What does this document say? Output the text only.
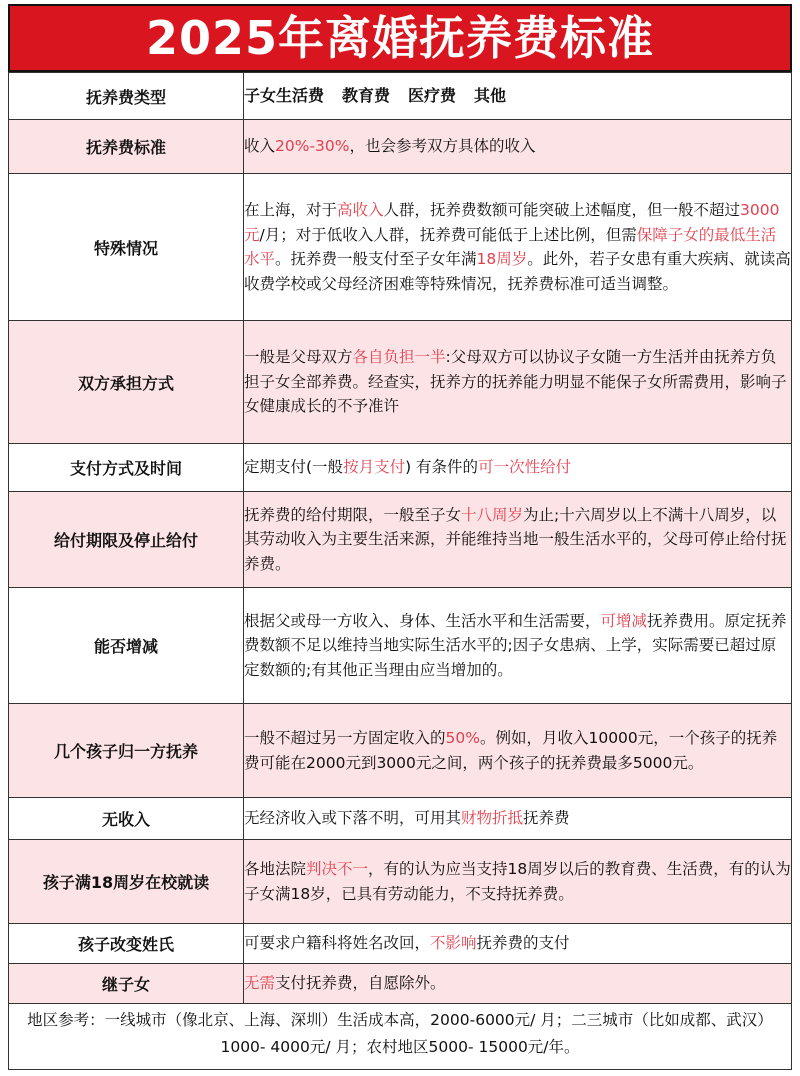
2025年离婚抚养费标准
抚养费类型	子女生活费 教育费 医疗费 其他
抚养费标准	收入20%-30%，也会参考双方具体的收入
特殊情况	在上海，对于高收入人群，抚养费数额可能突破上述幅度，但一般不超过3000元/月；对于低收入人群，抚养费可能低于上述比例，但需保障子女的最低生活水平。抚养费一般支付至子女年满18周岁。此外，若子女患有重大疾病、就读高收费学校或父母经济困难等特殊情况，抚养费标准可适当调整。
双方承担方式	一般是父母双方各自负担一半:父母双方可以协议子女随一方生活并由抚养方负担子女全部养费。经查实，抚养方的抚养能力明显不能保子女所需费用，影响子女健康成长的不予准许
支付方式及时间	定期支付(一般按月支付) 有条件的可一次性给付
给付期限及停止给付	抚养费的给付期限，一般至子女十八周岁为止;十六周岁以上不满十八周岁，以其劳动收入为主要生活来源，并能维持当地一般生活水平的，父母可停止给付抚养费。
能否增减	根据父或母一方收入、身体、生活水平和生活需要，可增减抚养费用。原定抚养费数额不足以维持当地实际生活水平的;因子女患病、上学，实际需要已超过原定数额的;有其他正当理由应当增加的。
几个孩子归一方抚养	一般不超过另一方固定收入的50%。例如，月收入10000元，一个孩子的抚养费可能在2000元到3000元之间，两个孩子的抚养费最多5000元。
无收入	无经济收入或下落不明，可用其财物折抵抚养费
孩子满18周岁在校就读	各地法院判决不一，有的认为应当支持18周岁以后的教育费、生活费，有的认为子女满18岁，已具有劳动能力，不支持抚养费。
孩子改变姓氏	可要求户籍科将姓名改回，不影响抚养费的支付
继子女	无需支付抚养费，自愿除外。
地区参考：一线城市（像北京、上海、深圳）生活成本高，2000-6000元/ 月；二三城市（比如成都、武汉）1000- 4000元/ 月；农村地区5000- 15000元/年。
